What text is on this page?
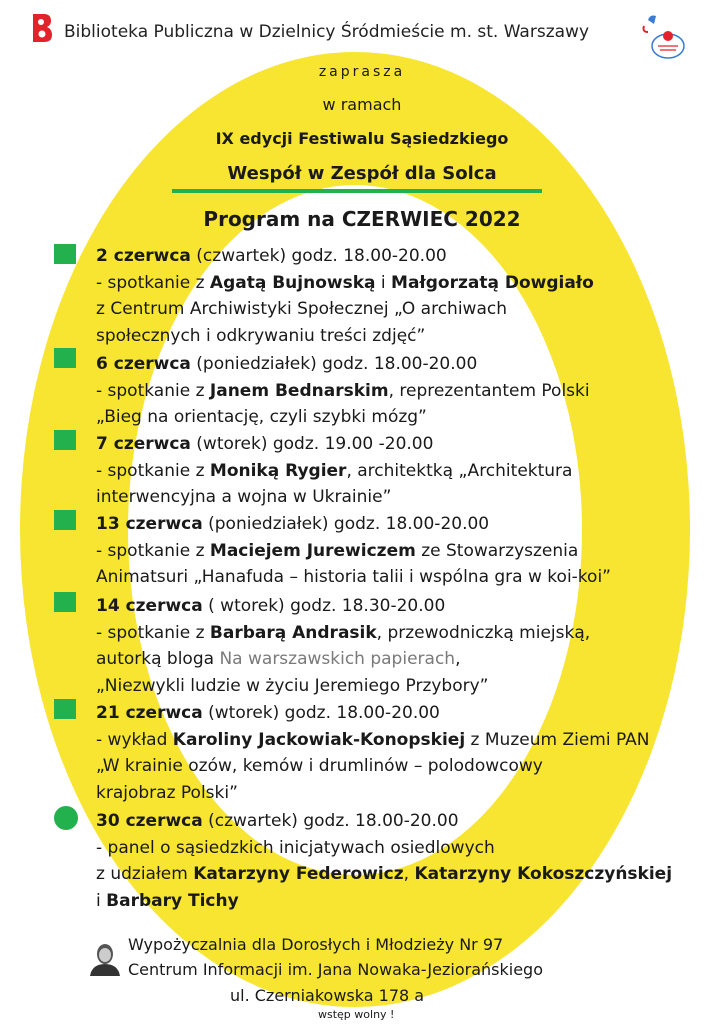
Biblioteka Publiczna w Dzielnicy Śródmieście m. st. Warszawy
zaprasza
w ramach
IX edycji Festiwalu Sąsiedzkiego
Wespół w Zespół dla Solca
Program na CZERWIEC 2022
2 czerwca (czwartek) godz. 18.00-20.00
- spotkanie z Agatą Bujnowską i Małgorzatą Dowgiało
z Centrum Archiwistyki Społecznej „O archiwach
społecznych i odkrywaniu treści zdjęć”
6 czerwca (poniedziałek) godz. 18.00-20.00
- spotkanie z Janem Bednarskim, reprezentantem Polski
„Bieg na orientację, czyli szybki mózg”
7 czerwca (wtorek) godz. 19.00 -20.00
- spotkanie z Moniką Rygier, architektką „Architektura
interwencyjna a wojna w Ukrainie”
13 czerwca (poniedziałek) godz. 18.00-20.00
- spotkanie z Maciejem Jurewiczem ze Stowarzyszenia
Animatsuri „Hanafuda – historia talii i wspólna gra w koi-koi”
14 czerwca ( wtorek) godz. 18.30-20.00
- spotkanie z Barbarą Andrasik, przewodniczką miejską,
autorką bloga Na warszawskich papierach,
„Niezwykli ludzie w życiu Jeremiego Przybory”
21 czerwca (wtorek) godz. 18.00-20.00
- wykład Karoliny Jackowiak-Konopskiej z Muzeum Ziemi PAN
„W krainie ozów, kemów i drumlinów – polodowcowy
krajobraz Polski”
30 czerwca (czwartek) godz. 18.00-20.00
- panel o sąsiedzkich inicjatywach osiedlowych
z udziałem Katarzyny Federowicz, Katarzyny Kokoszczyńskiej
i Barbary Tichy
Wypożyczalnia dla Dorosłych i Młodzieży Nr 97
Centrum Informacji im. Jana Nowaka-Jeziorańskiego
ul. Czerniakowska 178 a
wstęp wolny !
